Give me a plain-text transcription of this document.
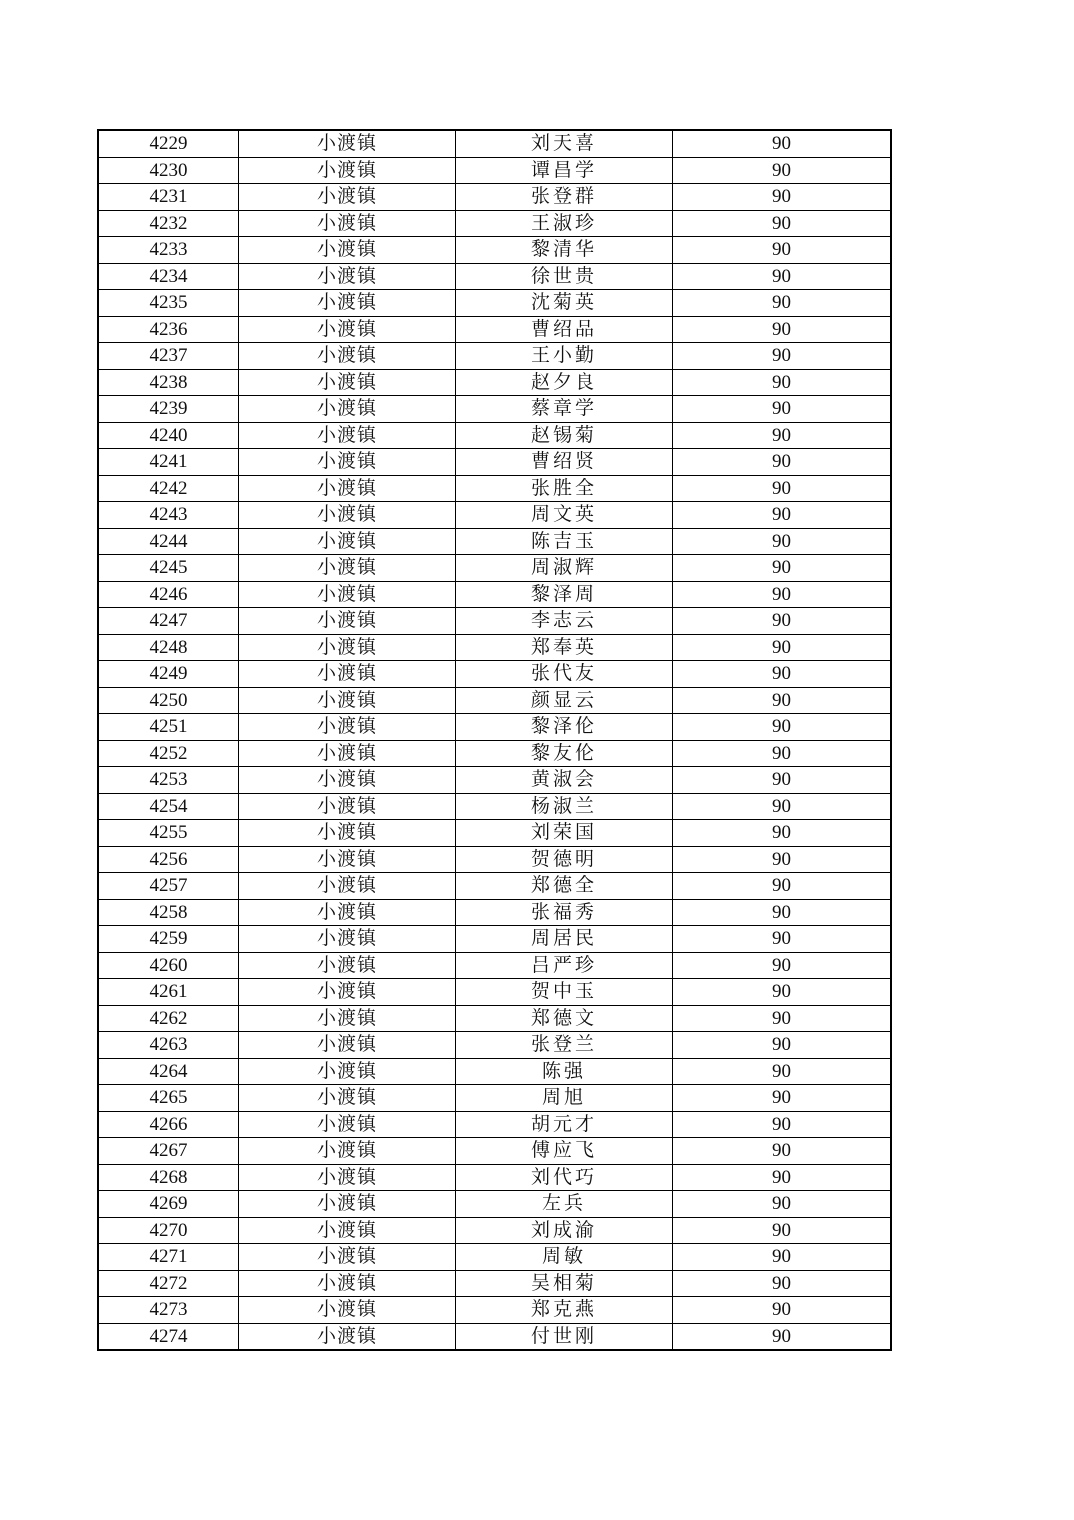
4229	小渡镇	刘天喜	90
4230	小渡镇	谭昌学	90
4231	小渡镇	张登群	90
4232	小渡镇	王淑珍	90
4233	小渡镇	黎清华	90
4234	小渡镇	徐世贵	90
4235	小渡镇	沈菊英	90
4236	小渡镇	曹绍品	90
4237	小渡镇	王小勤	90
4238	小渡镇	赵夕良	90
4239	小渡镇	蔡章学	90
4240	小渡镇	赵锡菊	90
4241	小渡镇	曹绍贤	90
4242	小渡镇	张胜全	90
4243	小渡镇	周文英	90
4244	小渡镇	陈吉玉	90
4245	小渡镇	周淑辉	90
4246	小渡镇	黎泽周	90
4247	小渡镇	李志云	90
4248	小渡镇	郑奉英	90
4249	小渡镇	张代友	90
4250	小渡镇	颜显云	90
4251	小渡镇	黎泽伦	90
4252	小渡镇	黎友伦	90
4253	小渡镇	黄淑会	90
4254	小渡镇	杨淑兰	90
4255	小渡镇	刘荣国	90
4256	小渡镇	贺德明	90
4257	小渡镇	郑德全	90
4258	小渡镇	张福秀	90
4259	小渡镇	周居民	90
4260	小渡镇	吕严珍	90
4261	小渡镇	贺中玉	90
4262	小渡镇	郑德文	90
4263	小渡镇	张登兰	90
4264	小渡镇	陈强	90
4265	小渡镇	周旭	90
4266	小渡镇	胡元才	90
4267	小渡镇	傅应飞	90
4268	小渡镇	刘代巧	90
4269	小渡镇	左兵	90
4270	小渡镇	刘成渝	90
4271	小渡镇	周敏	90
4272	小渡镇	吴相菊	90
4273	小渡镇	郑克燕	90
4274	小渡镇	付世刚	90
